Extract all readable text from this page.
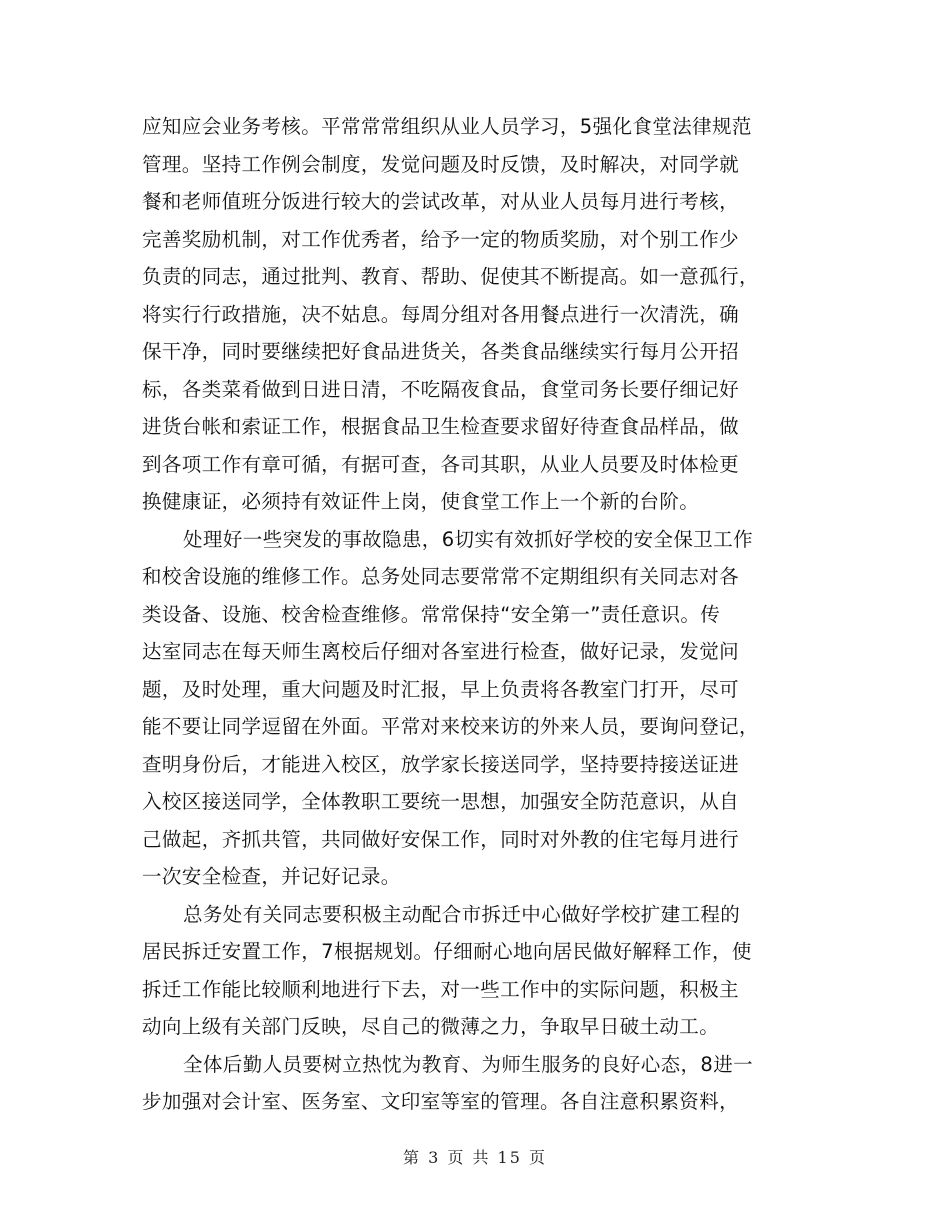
应知应会业务考核。平常常常组织从业人员学习，5强化食堂法律规范
管理。坚持工作例会制度，发觉问题及时反馈，及时解决，对同学就
餐和老师值班分饭进行较大的尝试改革，对从业人员每月进行考核，
完善奖励机制，对工作优秀者，给予一定的物质奖励，对个别工作少
负责的同志，通过批判、教育、帮助、促使其不断提高。如一意孤行，
将实行行政措施，决不姑息。每周分组对各用餐点进行一次清洗，确
保干净，同时要继续把好食品进货关，各类食品继续实行每月公开招
标，各类菜肴做到日进日清，不吃隔夜食品，食堂司务长要仔细记好
进货台帐和索证工作，根据食品卫生检查要求留好待查食品样品，做
到各项工作有章可循，有据可查，各司其职，从业人员要及时体检更
换健康证，必须持有效证件上岗，使食堂工作上一个新的台阶。
处理好一些突发的事故隐患，6切实有效抓好学校的安全保卫工作
和校舍设施的维修工作。总务处同志要常常不定期组织有关同志对各
类设备、设施、校舍检查维修。常常保持“安全第一”责任意识。传
达室同志在每天师生离校后仔细对各室进行检查，做好记录，发觉问
题，及时处理，重大问题及时汇报，早上负责将各教室门打开，尽可
能不要让同学逗留在外面。平常对来校来访的外来人员，要询问登记，
查明身份后，才能进入校区，放学家长接送同学，坚持要持接送证进
入校区接送同学，全体教职工要统一思想，加强安全防范意识，从自
己做起，齐抓共管，共同做好安保工作，同时对外教的住宅每月进行
一次安全检查，并记好记录。
总务处有关同志要积极主动配合市拆迁中心做好学校扩建工程的
居民拆迁安置工作，7根据规划。仔细耐心地向居民做好解释工作，使
拆迁工作能比较顺利地进行下去，对一些工作中的实际问题，积极主
动向上级有关部门反映，尽自己的微薄之力，争取早日破土动工。
全体后勤人员要树立热忱为教育、为师生服务的良好心态，8进一
步加强对会计室、医务室、文印室等室的管理。各自注意积累资料，
第 3 页 共 15 页
